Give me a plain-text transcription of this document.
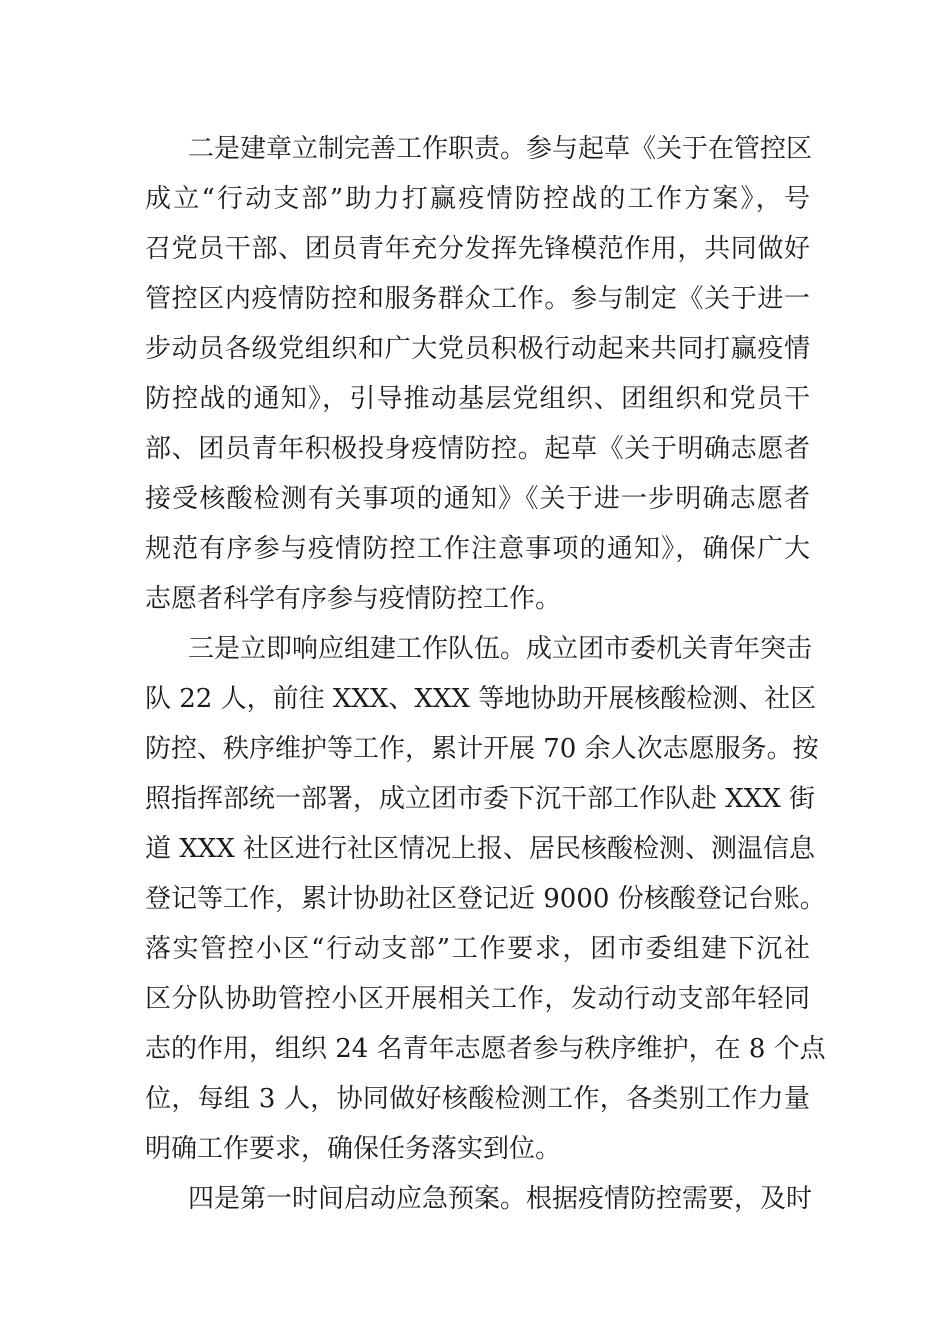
二是建章立制完善工作职责。参与起草《关于在管控区
成立“行动支部”助力打赢疫情防控战的工作方案》，号
召党员干部、团员青年充分发挥先锋模范作用，共同做好
管控区内疫情防控和服务群众工作。参与制定《关于进一
步动员各级党组织和广大党员积极行动起来共同打赢疫情
防控战的通知》，引导推动基层党组织、团组织和党员干
部、团员青年积极投身疫情防控。起草《关于明确志愿者
接受核酸检测有关事项的通知》《关于进一步明确志愿者
规范有序参与疫情防控工作注意事项的通知》，确保广大
志愿者科学有序参与疫情防控工作。
三是立即响应组建工作队伍。成立团市委机关青年突击
队 22 人，前往 XXX、XXX 等地协助开展核酸检测、社区
防控、秩序维护等工作，累计开展 70 余人次志愿服务。按
照指挥部统一部署，成立团市委下沉干部工作队赴 XXX 街
道 XXX 社区进行社区情况上报、居民核酸检测、测温信息
登记等工作，累计协助社区登记近 9000 份核酸登记台账。
落实管控小区“行动支部”工作要求，团市委组建下沉社
区分队协助管控小区开展相关工作，发动行动支部年轻同
志的作用，组织 24 名青年志愿者参与秩序维护，在 8 个点
位，每组 3 人，协同做好核酸检测工作，各类别工作力量
明确工作要求，确保任务落实到位。
四是第一时间启动应急预案。根据疫情防控需要，及时
